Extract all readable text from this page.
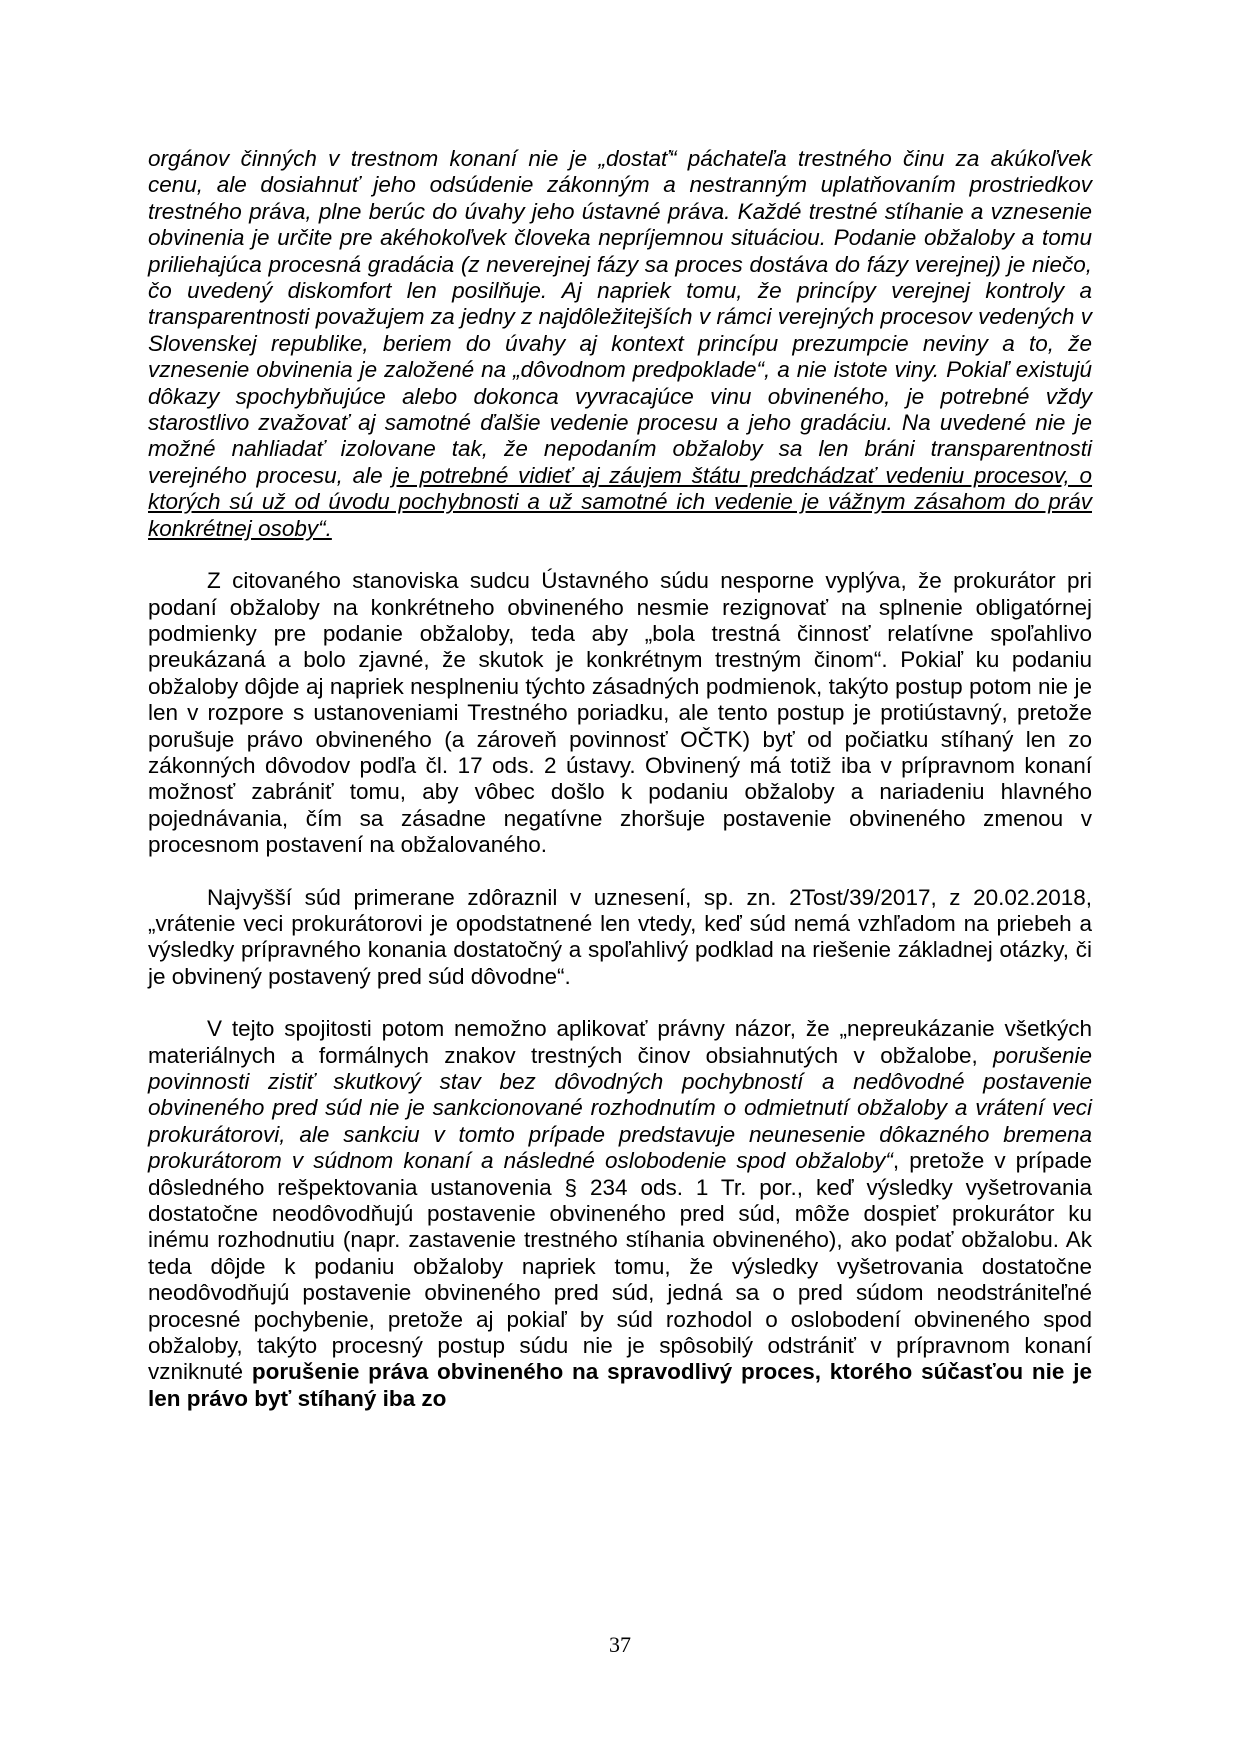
orgánov činných v trestnom konaní nie je „dostať“ páchateľa trestného činu za akúkoľvek cenu, ale dosiahnuť jeho odsúdenie zákonným a nestranným uplatňovaním prostriedkov trestného práva, plne berúc do úvahy jeho ústavné práva. Každé trestné stíhanie a vznesenie obvinenia je určite pre akéhokoľvek človeka nepríjemnou situáciou. Podanie obžaloby a tomu priliehajúca procesná gradácia (z neverejnej fázy sa proces dostáva do fázy verejnej) je niečo, čo uvedený diskomfort len posilňuje. Aj napriek tomu, že princípy verejnej kontroly a transparentnosti považujem za jedny z najdôležitejších v rámci verejných procesov vedených v Slovenskej republike, beriem do úvahy aj kontext princípu prezumpcie neviny a to, že vznesenie obvinenia je založené na „dôvodnom predpoklade“, a nie istote viny. Pokiaľ existujú dôkazy spochybňujúce alebo dokonca vyvracajúce vinu obvineného, je potrebné vždy starostlivo zvažovať aj samotné ďalšie vedenie procesu a jeho gradáciu. Na uvedené nie je možné nahliadať izolovane tak, že nepodaním obžaloby sa len bráni transparentnosti verejného procesu, ale je potrebné vidieť aj záujem štátu predchádzať vedeniu procesov, o ktorých sú už od úvodu pochybnosti a už samotné ich vedenie je vážnym zásahom do práv konkrétnej osoby“.

Z citovaného stanoviska sudcu Ústavného súdu nesporne vyplýva, že prokurátor pri podaní obžaloby na konkrétneho obvineného nesmie rezignovať na splnenie obligatórnej podmienky pre podanie obžaloby, teda aby „bola trestná činnosť relatívne spoľahlivo preukázaná a bolo zjavné, že skutok je konkrétnym trestným činom“. Pokiaľ ku podaniu obžaloby dôjde aj napriek nesplneniu týchto zásadných podmienok, takýto postup potom nie je len v rozpore s ustanoveniami Trestného poriadku, ale tento postup je protiústavný, pretože porušuje právo obvineného (a zároveň povinnosť OČTK) byť od počiatku stíhaný len zo zákonných dôvodov podľa čl. 17 ods. 2 ústavy. Obvinený má totiž iba v prípravnom konaní možnosť zabrániť tomu, aby vôbec došlo k podaniu obžaloby a nariadeniu hlavného pojednávania, čím sa zásadne negatívne zhoršuje postavenie obvineného zmenou v procesnom postavení na obžalovaného.

Najvyšší súd primerane zdôraznil v uznesení, sp. zn. 2Tost/39/2017, z 20.02.2018, „vrátenie veci prokurátorovi je opodstatnené len vtedy, keď súd nemá vzhľadom na priebeh a výsledky prípravného konania dostatočný a spoľahlivý podklad na riešenie základnej otázky, či je obvinený postavený pred súd dôvodne“.

V tejto spojitosti potom nemožno aplikovať právny názor, že „nepreukázanie všetkých materiálnych a formálnych znakov trestných činov obsiahnutých v obžalobe, porušenie povinnosti zistiť skutkový stav bez dôvodných pochybností a nedôvodné postavenie obvineného pred súd nie je sankcionované rozhodnutím o odmietnutí obžaloby a vrátení veci prokurátorovi, ale sankciu v tomto prípade predstavuje neunesenie dôkazného bremena prokurátorom v súdnom konaní a následné oslobodenie spod obžaloby“, pretože v prípade dôsledného rešpektovania ustanovenia § 234 ods. 1 Tr. por., keď výsledky vyšetrovania dostatočne neodôvodňujú postavenie obvineného pred súd, môže dospieť prokurátor ku inému rozhodnutiu (napr. zastavenie trestného stíhania obvineného), ako podať obžalobu. Ak teda dôjde k podaniu obžaloby napriek tomu, že výsledky vyšetrovania dostatočne neodôvodňujú postavenie obvineného pred súd, jedná sa o pred súdom neodstrániteľné procesné pochybenie, pretože aj pokiaľ by súd rozhodol o oslobodení obvineného spod obžaloby, takýto procesný postup súdu nie je spôsobilý odstrániť v prípravnom konaní vzniknuté porušenie práva obvineného na spravodlivý proces, ktorého súčasťou nie je len právo byť stíhaný iba zo

37
